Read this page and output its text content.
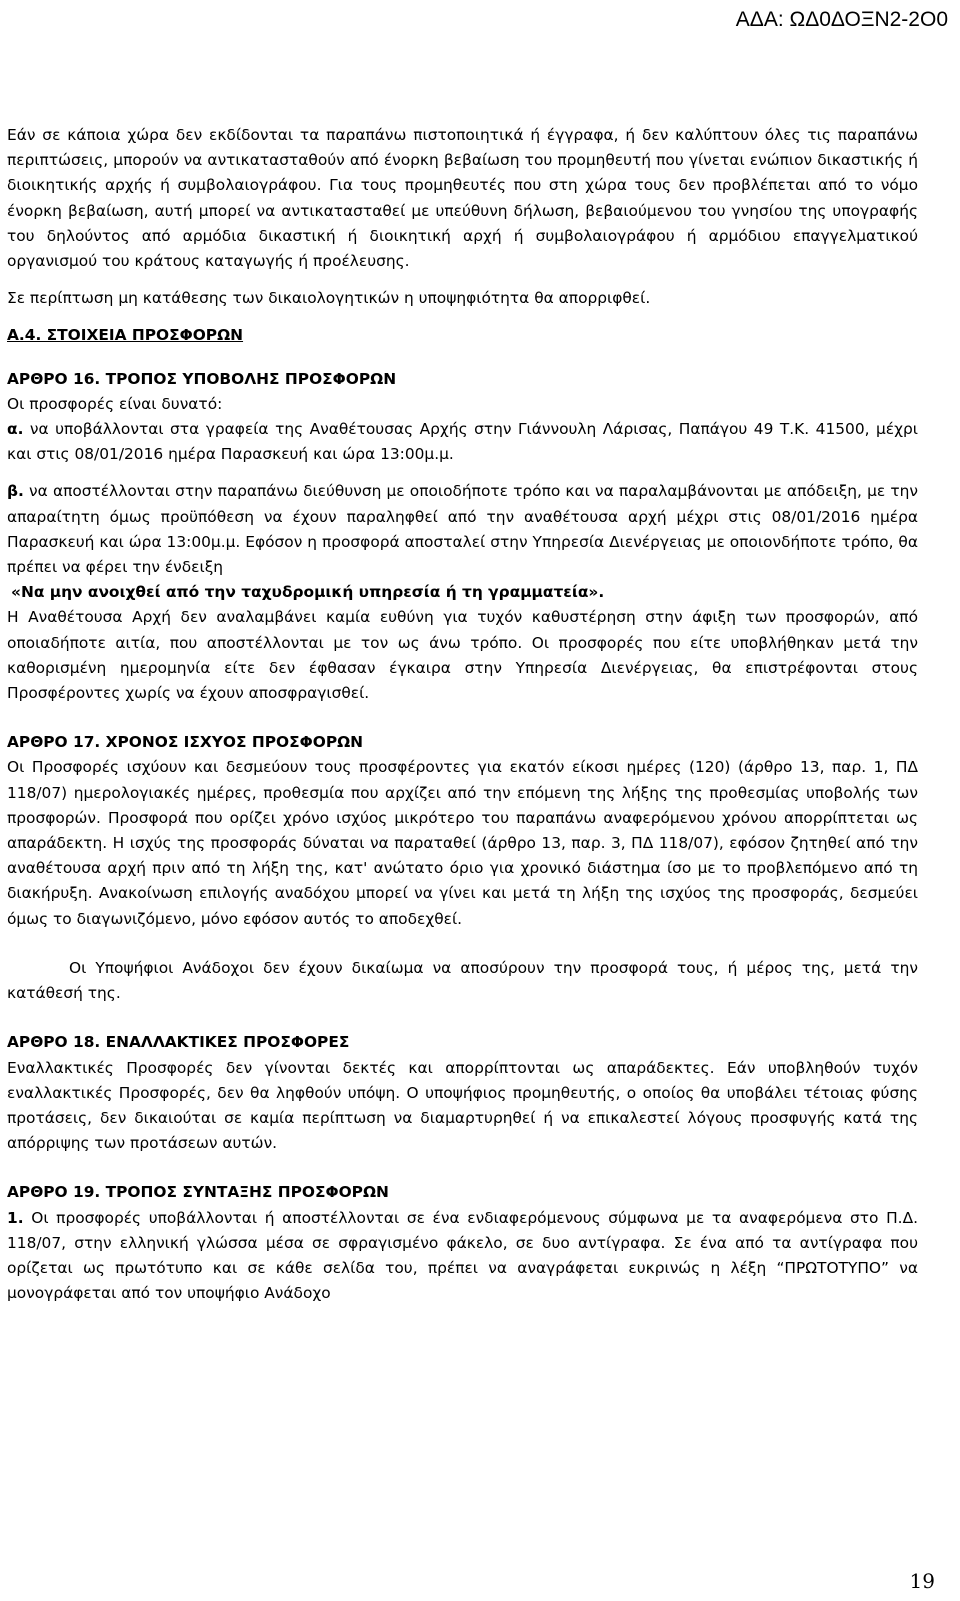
ΑΔΑ: ΩΔ0ΔΟΞΝ2-2Ο0

Εάν σε κάποια χώρα δεν εκδίδονται τα παραπάνω πιστοποιητικά ή έγγραφα, ή δεν καλύπτουν όλες τις παραπάνω περιπτώσεις, μπορούν να αντικατασταθούν από ένορκη βεβαίωση του προμηθευτή που γίνεται ενώπιον δικαστικής ή διοικητικής αρχής ή συμβολαιογράφου. Για τους προμηθευτές που στη χώρα τους δεν προβλέπεται από το νόμο ένορκη βεβαίωση, αυτή μπορεί να αντικατασταθεί με υπεύθυνη δήλωση, βεβαιούμενου του γνησίου της υπογραφής του δηλούντος από αρμόδια δικαστική ή διοικητική αρχή ή συμβολαιογράφου ή αρμόδιου επαγγελματικού οργανισμού του κράτους καταγωγής ή προέλευσης.

Σε περίπτωση μη κατάθεσης των δικαιολογητικών η υποψηφιότητα θα απορριφθεί.

Α.4. ΣΤΟΙΧΕΙΑ ΠΡΟΣΦΟΡΩΝ

ΑΡΘΡΟ 16. ΤΡΟΠΟΣ ΥΠΟΒΟΛΗΣ ΠΡΟΣΦΟΡΩΝ

Οι προσφορές είναι δυνατό:

α. να υποβάλλονται στα γραφεία της Αναθέτουσας Αρχής στην Γιάννουλη Λάρισας, Παπάγου 49 Τ.Κ. 41500, μέχρι και στις 08/01/2016 ημέρα Παρασκευή και ώρα 13:00μ.μ.

β. να αποστέλλονται στην παραπάνω διεύθυνση με οποιοδήποτε τρόπο και να παραλαμβάνονται με απόδειξη, με την απαραίτητη όμως προϋπόθεση να έχουν παραληφθεί από την αναθέτουσα αρχή μέχρι στις 08/01/2016 ημέρα Παρασκευή και ώρα 13:00μ.μ. Εφόσον η προσφορά αποσταλεί στην Υπηρεσία Διενέργειας με οποιονδήποτε τρόπο, θα πρέπει να φέρει την ένδειξη

«Να μην ανοιχθεί από την ταχυδρομική υπηρεσία ή τη γραμματεία».

Η Αναθέτουσα Αρχή δεν αναλαμβάνει καμία ευθύνη για τυχόν καθυστέρηση στην άφιξη των προσφορών, από οποιαδήποτε αιτία, που αποστέλλονται με τον ως άνω τρόπο. Οι προσφορές που είτε υποβλήθηκαν μετά την καθορισμένη ημερομηνία είτε δεν έφθασαν έγκαιρα στην Υπηρεσία Διενέργειας, θα επιστρέφονται στους Προσφέροντες χωρίς να έχουν αποσφραγισθεί.

ΑΡΘΡΟ 17. ΧΡΟΝΟΣ ΙΣΧΥΟΣ ΠΡΟΣΦΟΡΩΝ

Οι Προσφορές ισχύουν και δεσμεύουν τους προσφέροντες για εκατόν είκοσι ημέρες (120) (άρθρο 13, παρ. 1, ΠΔ 118/07) ημερολογιακές ημέρες, προθεσμία που αρχίζει από την επόμενη της λήξης της προθεσμίας υποβολής των προσφορών. Προσφορά που ορίζει χρόνο ισχύος μικρότερο του παραπάνω αναφερόμενου χρόνου απορρίπτεται ως απαράδεκτη. Η ισχύς της προσφοράς δύναται να παραταθεί (άρθρο 13, παρ. 3, ΠΔ 118/07), εφόσον ζητηθεί από την αναθέτουσα αρχή πριν από τη λήξη της, κατ' ανώτατο όριο για χρονικό διάστημα ίσο με το προβλεπόμενο από τη διακήρυξη. Ανακοίνωση επιλογής αναδόχου μπορεί να γίνει και μετά τη λήξη της ισχύος της προσφοράς, δεσμεύει όμως το διαγωνιζόμενο, μόνο εφόσον αυτός το αποδεχθεί.

Οι Υποψήφιοι Ανάδοχοι δεν έχουν δικαίωμα να αποσύρουν την προσφορά τους, ή μέρος της, μετά την κατάθεσή της.

ΑΡΘΡΟ 18. ΕΝΑΛΛΑΚΤΙΚΕΣ ΠΡΟΣΦΟΡΕΣ

Εναλλακτικές Προσφορές δεν γίνονται δεκτές και απορρίπτονται ως απαράδεκτες. Εάν υποβληθούν τυχόν εναλλακτικές Προσφορές, δεν θα ληφθούν υπόψη. Ο υποψήφιος προμηθευτής, ο οποίος θα υποβάλει τέτοιας φύσης προτάσεις, δεν δικαιούται σε καμία περίπτωση να διαμαρτυρηθεί ή να επικαλεστεί λόγους προσφυγής κατά της απόρριψης των προτάσεων αυτών.

ΑΡΘΡΟ 19. ΤΡΟΠΟΣ ΣΥΝΤΑΞΗΣ ΠΡΟΣΦΟΡΩΝ

1. Οι προσφορές υποβάλλονται ή αποστέλλονται σε ένα ενδιαφερόμενους σύμφωνα με τα αναφερόμενα στο Π.Δ. 118/07, στην ελληνική γλώσσα μέσα σε σφραγισμένο φάκελο, σε δυο αντίγραφα. Σε ένα από τα αντίγραφα που ορίζεται ως πρωτότυπο και σε κάθε σελίδα του, πρέπει να αναγράφεται ευκρινώς η λέξη “ΠΡΩΤΟΤΥΠΟ” να μονογράφεται από τον υποψήφιο Ανάδοχο

19
